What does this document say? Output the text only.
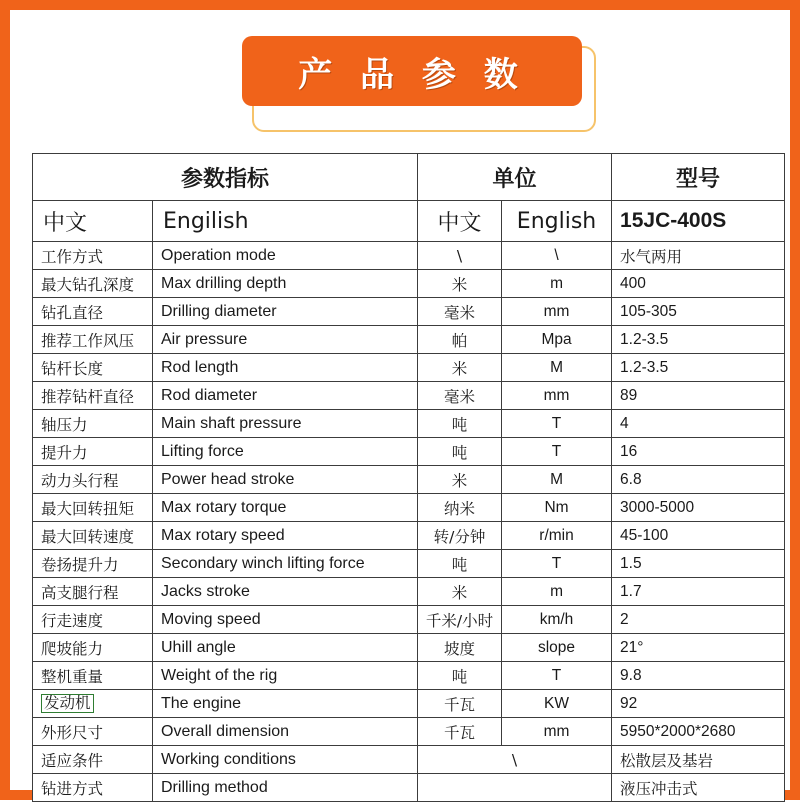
产 品 参 数
参数指标		单位		型号
中文	Engilish	中文	English	15JC-400S
工作方式	Operation mode	\	\	水气两用
最大钻孔深度	Max drilling depth	米	m	400
钻孔直径	Drilling diameter	毫米	mm	105-305
推荐工作风压	Air pressure	帕	Mpa	1.2-3.5
钻杆长度	Rod length	米	M	1.2-3.5
推荐钻杆直径	Rod diameter	毫米	mm	89
轴压力	Main shaft pressure	吨	T	4
提升力	Lifting force	吨	T	16
动力头行程	Power head stroke	米	M	6.8
最大回转扭矩	Max rotary torque	纳米	Nm	3000-5000
最大回转速度	Max rotary speed	转/分钟	r/min	45-100
卷扬提升力	Secondary winch lifting force	吨	T	1.5
高支腿行程	Jacks stroke	米	m	1.7
行走速度	Moving speed	千米/小时	km/h	2
爬坡能力	Uhill angle	坡度	slope	21°
整机重量	Weight of the rig	吨	T	9.8
发动机	The engine	千瓦	KW	92
外形尺寸	Overall dimension	千瓦	mm	5950*2000*2680
适应条件	Working conditions	\		松散层及基岩
钻进方式	Drilling method			液压冲击式
